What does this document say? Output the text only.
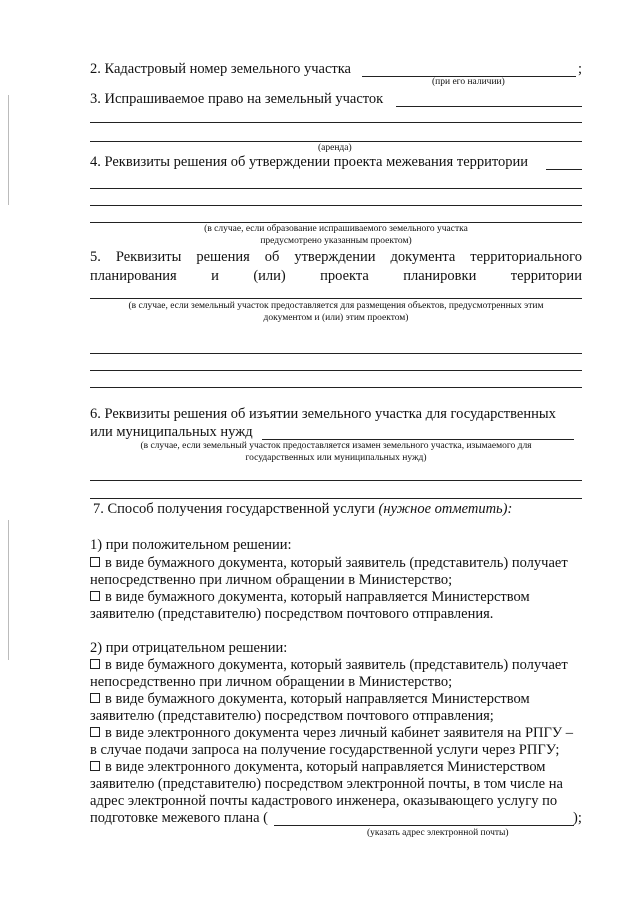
2. Кадастровый номер земельного участка	;
(при его наличии)
3. Испрашиваемое право на земельный участок
(аренда)
4. Реквизиты решения об утверждении проекта межевания территории
(в случае, если образование испрашиваемого земельного участка
предусмотрено указанным проектом)
5. Реквизиты решения об утверждении документа территориального
планирования и (или) проекта планировки территории
(в случае, если земельный участок предоставляется для размещения объектов, предусмотренных этим
документом и (или) этим проектом)
6. Реквизиты решения об изъятии земельного участка для государственных
или муниципальных нужд
(в случае, если земельный участок предоставляется изамен земельного участка, изымаемого для
государственных или муниципальных нужд)
7. Способ получения государственной услуги (нужное отметить):
1) при положительном решении:
в виде бумажного документа, который заявитель (представитель) получает
непосредственно при личном обращении в Министерство;
в виде бумажного документа, который направляется Министерством
заявителю (представителю) посредством почтового отправления.
2) при отрицательном решении:
в виде бумажного документа, который заявитель (представитель) получает
непосредственно при личном обращении в Министерство;
в виде бумажного документа, который направляется Министерством
заявителю (представителю) посредством почтового отправления;
в виде электронного документа через личный кабинет заявителя на РПГУ –
в случае подачи запроса на получение государственной услуги через РПГУ;
в виде электронного документа, который направляется Министерством
заявителю (представителю) посредством электронной почты, в том числе на
адрес электронной почты кадастрового инженера, оказывающего услугу по
подготовке межевого плана (	);
(указать адрес электронной почты)
